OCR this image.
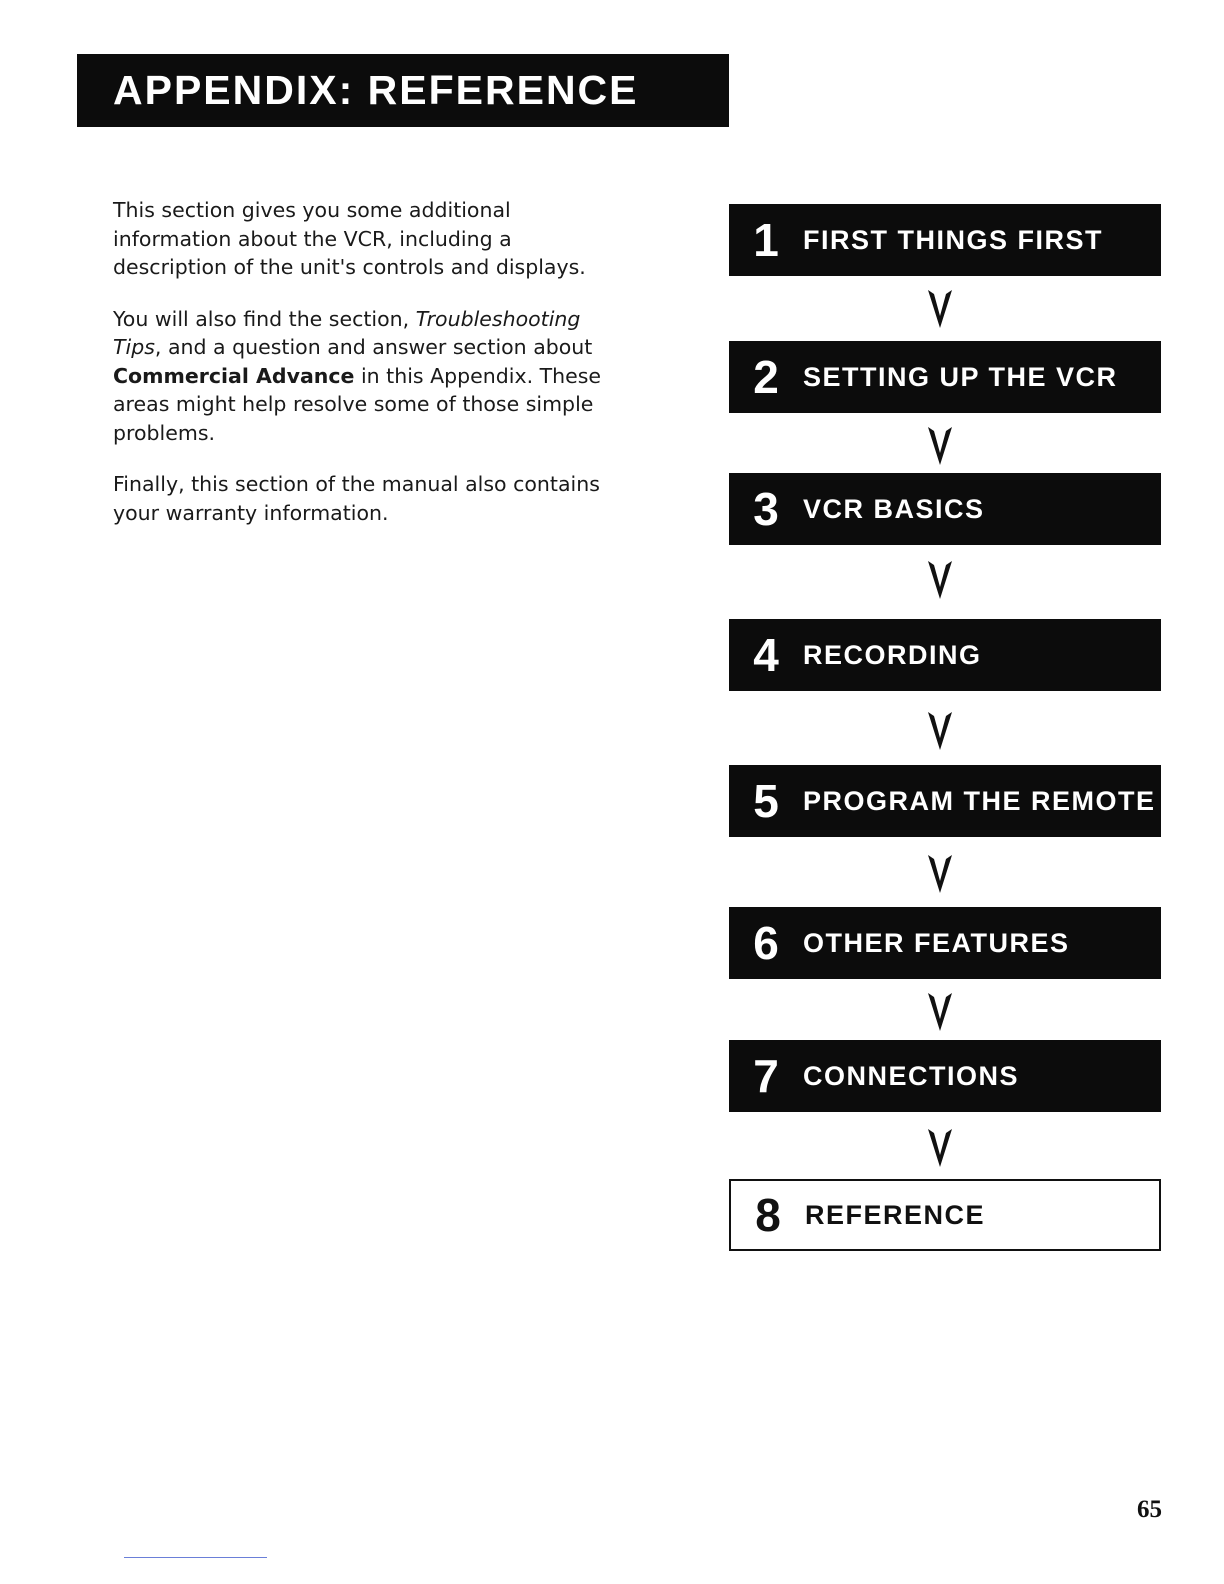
APPENDIX: REFERENCE

This section gives you some additional information about the VCR, including a description of the unit's controls and displays.

You will also find the section, Troubleshooting Tips, and a question and answer section about Commercial Advance in this Appendix. These areas might help resolve some of those simple problems.

Finally, this section of the manual also contains your warranty information.

1 FIRST THINGS FIRST
2 SETTING UP THE VCR
3 VCR BASICS
4 RECORDING
5 PROGRAM THE REMOTE
6 OTHER FEATURES
7 CONNECTIONS
8 REFERENCE
65
